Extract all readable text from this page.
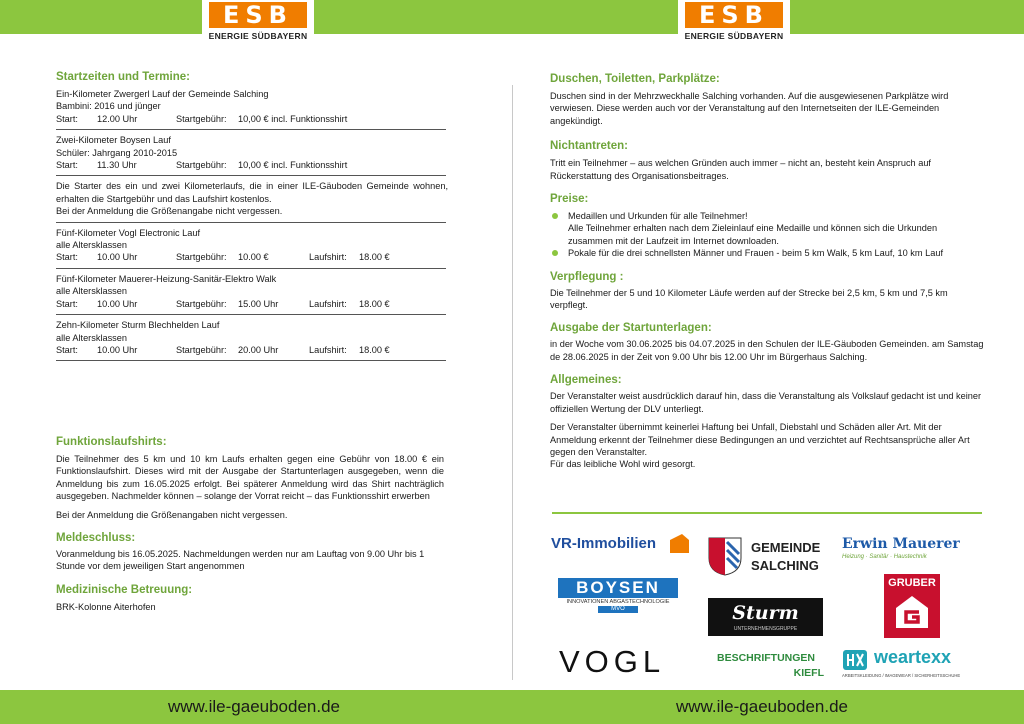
ESB
ENERGIE SÜDBAYERN
ESB
ENERGIE SÜDBAYERN

Startzeiten und Termine:

Ein-Kilometer Zwergerl Lauf der Gemeinde Salching

Bambini: 2016 und jünger

Start:	12.00 Uhr	Startgebühr:	10,00 € incl. Funktionsshirt

Zwei-Kilometer Boysen Lauf

Schüler: Jahrgang 2010-2015

Start:	11.30 Uhr	Startgebühr:	10,00 € incl. Funktionsshirt

Die Starter des ein und zwei Kilometerlaufs, die in einer ILE-Gäuboden Gemeinde wohnen, erhalten die Startgebühr und das Laufshirt kostenlos.

Bei der Anmeldung die Größenangabe nicht vergessen.

Fünf-Kilometer Vogl Electronic Lauf

alle Altersklassen

Start:	10.00 Uhr	Startgebühr:	10.00 €	Laufshirt:	18.00 €

Fünf-Kilometer Mauerer-Heizung-Sanitär-Elektro Walk

alle Altersklassen

Start:	10.00 Uhr	Startgebühr:	15.00 Uhr	Laufshirt:	18.00 €

Zehn-Kilometer Sturm Blechhelden Lauf

alle Altersklassen

Start:	10.00 Uhr	Startgebühr:	20.00 Uhr	Laufshirt:	18.00 €

Funktionslaufshirts:

Die Teilnehmer des 5 km und 10 km Laufs erhalten gegen eine Gebühr von 18.00 € ein Funktionslaufshirt. Dieses wird mit der Ausgabe der Startunterlagen ausgegeben, wenn die Anmeldung bis zum 16.05.2025 erfolgt. Bei späterer Anmeldung wird das Shirt nachträglich ausgegeben. Nachmelder können – solange der Vorrat reicht – das Funktionsshirt erwerben

Bei der Anmeldung die Größenangaben nicht vergessen.

Meldeschluss:

Voranmeldung bis 16.05.2025. Nachmeldungen werden nur am Lauftag von 9.00 Uhr bis 1 Stunde vor dem jeweiligen Start angenommen

Medizinische Betreuung:

BRK-Kolonne Aiterhofen

Duschen, Toiletten, Parkplätze:

Duschen sind in der Mehrzweckhalle Salching vorhanden. Auf die ausgewiesenen Parkplätze wird verwiesen. Diese werden auch vor der Veranstaltung auf den Internetseiten der ILE-Gemeinden angekündigt.

Nichtantreten:

Tritt ein Teilnehmer – aus welchen Gründen auch immer – nicht an, besteht kein Anspruch auf Rückerstattung des Organisationsbeitrages.

Preise:

Medaillen und Urkunden für alle Teilnehmer!

Alle Teilnehmer erhalten nach dem Zieleinlauf eine Medaille und können sich die Urkunden zusammen mit der Laufzeit im Internet downloaden.

Pokale für die drei schnellsten Männer und Frauen - beim 5 km Walk, 5 km Lauf, 10 km Lauf

Verpflegung :

Die Teilnehmer der 5 und 10 Kilometer Läufe werden auf der Strecke bei 2,5 km, 5 km und 7,5 km verpflegt.

Ausgabe der Startunterlagen:

in der Woche vom 30.06.2025 bis 04.07.2025 in den Schulen der ILE-Gäuboden Gemeinden. am Samstag de 28.06.2025 in der Zeit von 9.00 Uhr bis 12.00 Uhr im Bürgerhaus Salching.

Allgemeines:

Der Veranstalter weist ausdrücklich darauf hin, dass die Veranstaltung als Volkslauf gedacht ist und keiner offiziellen Wertung der DLV unterliegt.

Der Veranstalter übernimmt keinerlei Haftung bei Unfall, Diebstahl und Schäden aller Art. Mit der Anmeldung erkennt der Teilnehmer diese Bedingungen an und verzichtet auf Rechtsansprüche aller Art gegen den Veranstalter.

Für das leibliche Wohl wird gesorgt.

VR-Immobilien	GEMEINDE
SALCHING
Erwin Mauerer
Heizung · Sanitär · Haustechnik
BOYSEN
INNOVATIONEN ABGASTECHNOLOGIE
MVO	Sturm
UNTERNEHMENSGRUPPE
GRUBER
VOGL	BESCHRIFTUNGEN
KIEFL
weartexx
ARBEITSKLEIDUNG / IMAGEWEAR / SICHERHEITSSCHUHE
www.ile-gaeuboden.de	www.ile-gaeuboden.de
